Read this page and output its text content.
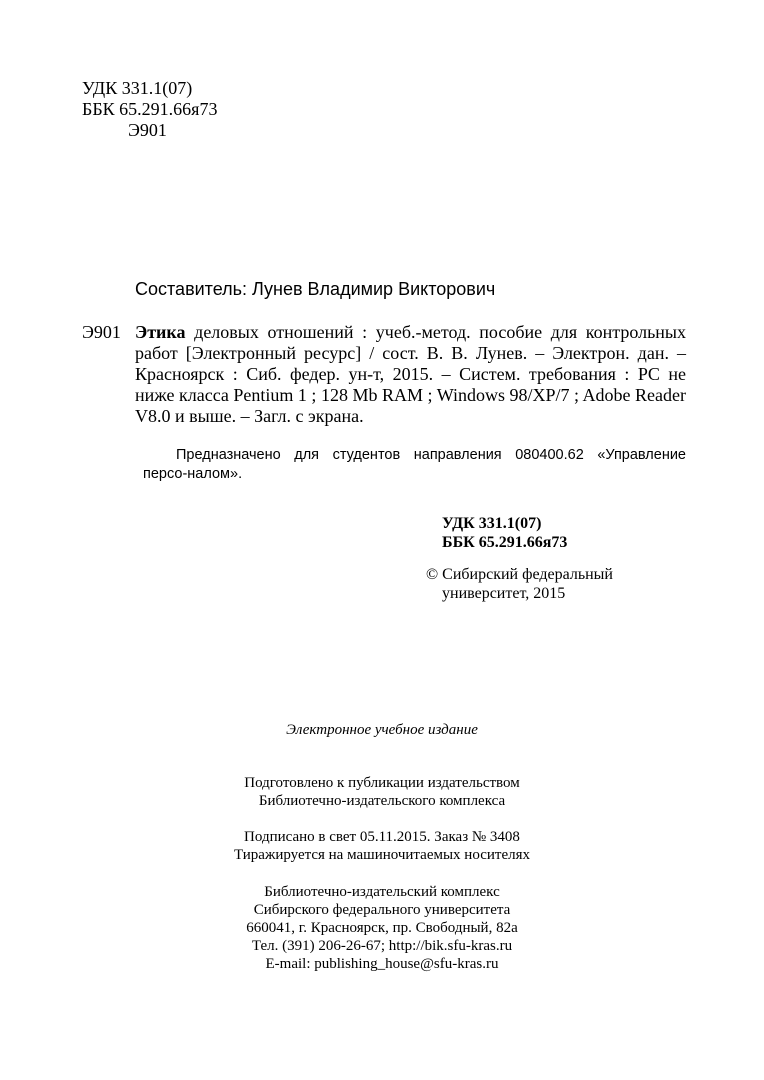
УДК 331.1(07)
ББК 65.291.66я73
Э901
Составитель: Лунев Владимир Викторович
Э901 Этика деловых отношений : учеб.-метод. пособие для контрольных работ [Электронный ресурс] / сост. В. В. Лунев. – Электрон. дан. – Красноярск : Сиб. федер. ун-т, 2015. – Систем. требования : PC не ниже класса Pentium 1 ; 128 Mb RAM ; Windows 98/XP/7 ; Adobe Reader V8.0 и выше. – Загл. с экрана.
Предназначено для студентов направления 080400.62 «Управление персо-налом».
УДК 331.1(07)
ББК 65.291.66я73
© Сибирский федеральный
университет, 2015
Электронное учебное издание
Подготовлено к публикации издательством
Библиотечно-издательского комплекса
Подписано в свет 05.11.2015. Заказ № 3408
Тиражируется на машиночитаемых носителях
Библиотечно-издательский комплекс
Сибирского федерального университета
660041, г. Красноярск, пр. Свободный, 82а
Тел. (391) 206-26-67; http://bik.sfu-kras.ru
E-mail: publishing_house@sfu-kras.ru
